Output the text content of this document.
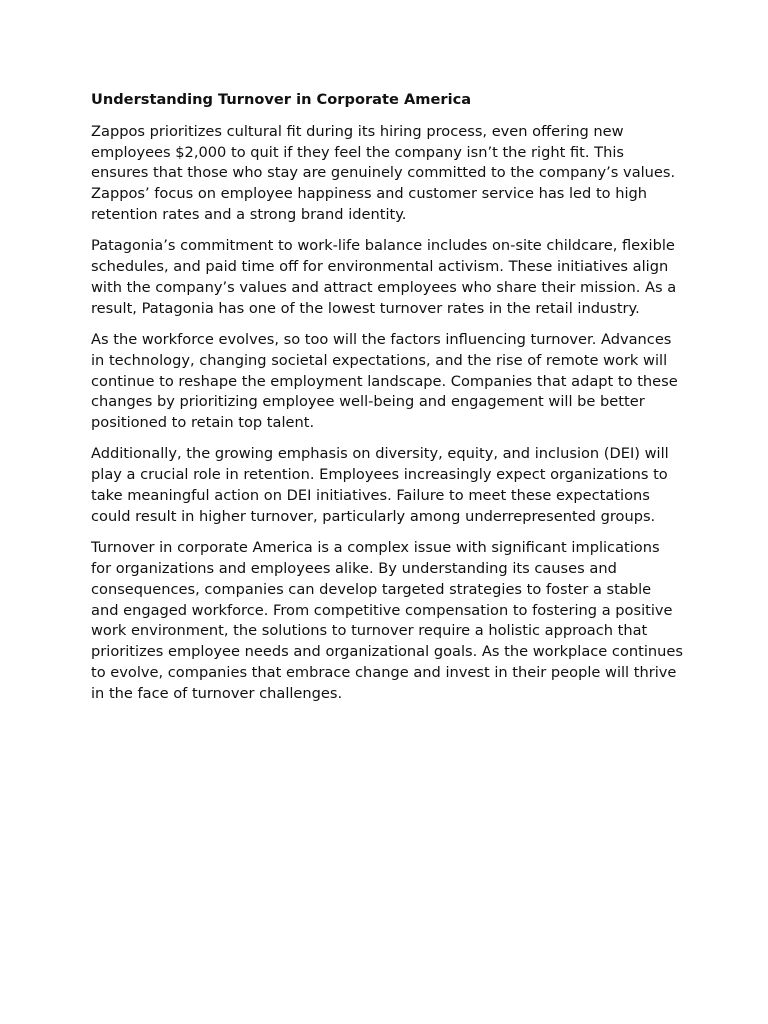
Understanding Turnover in Corporate America

Zappos prioritizes cultural fit during its hiring process, even offering new employees $2,000 to quit if they feel the company isn’t the right fit. This ensures that those who stay are genuinely committed to the company’s values. Zappos’ focus on employee happiness and customer service has led to high retention rates and a strong brand identity.

Patagonia’s commitment to work-life balance includes on-site childcare, flexible schedules, and paid time off for environmental activism. These initiatives align with the company’s values and attract employees who share their mission. As a result, Patagonia has one of the lowest turnover rates in the retail industry.

As the workforce evolves, so too will the factors influencing turnover. Advances in technology, changing societal expectations, and the rise of remote work will continue to reshape the employment landscape. Companies that adapt to these changes by prioritizing employee well-being and engagement will be better positioned to retain top talent.

Additionally, the growing emphasis on diversity, equity, and inclusion (DEI) will play a crucial role in retention. Employees increasingly expect organizations to take meaningful action on DEI initiatives. Failure to meet these expectations could result in higher turnover, particularly among underrepresented groups.

Turnover in corporate America is a complex issue with significant implications for organizations and employees alike. By understanding its causes and consequences, companies can develop targeted strategies to foster a stable and engaged workforce. From competitive compensation to fostering a positive work environment, the solutions to turnover require a holistic approach that prioritizes employee needs and organizational goals. As the workplace continues to evolve, companies that embrace change and invest in their people will thrive in the face of turnover challenges.
